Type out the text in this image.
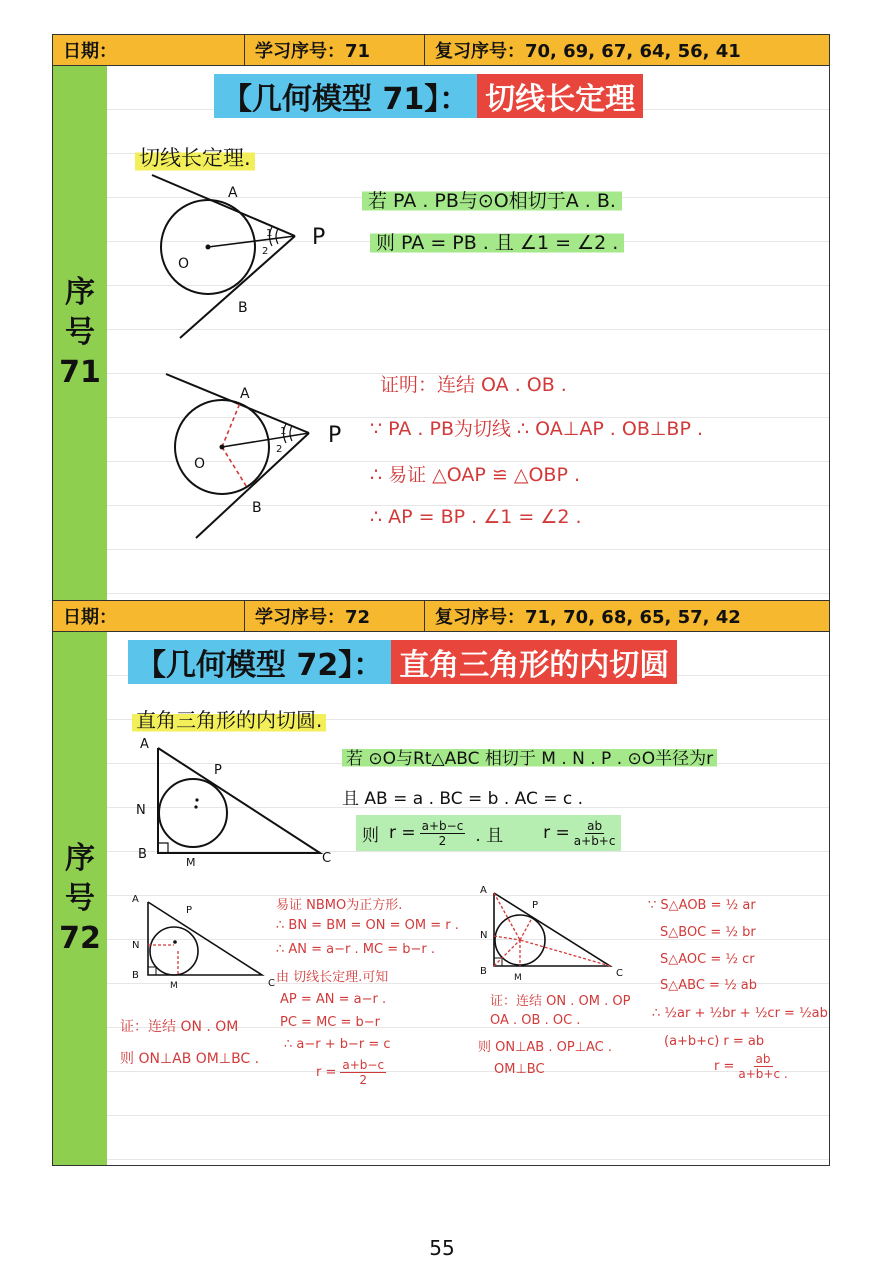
日期：	学习序号：71	复习序号：70, 69, 67, 64, 56, 41
序
号
71
【几何模型 71】： 切线长定理
切线长定理.
A
B
O
P
1
2
A
B
O
P
1
2
若 PA . PB与⊙O相切于A . B.
则 PA = PB . 且 ∠1 = ∠2 .
证明：连结 OA . OB .
∵ PA . PB为切线 ∴ OA⊥AP . OB⊥BP .
∴ 易证 △OAP ≌ △OBP .
∴ AP = BP . ∠1 = ∠2 .
日期：	学习序号：72	复习序号：71, 70, 68, 65, 57, 42
序
号
72
【几何模型 72】： 直角三角形的内切圆
直角三角形的内切圆.
A
B	C
P
N
M
A
B
C
P
N
M
A
B	C
P
N
M
若 ⊙O与Rt△ABC 相切于 M . N . P . ⊙O半径为r
且 AB = a . BC = b . AC = c .
则 $r = \frac{a+b-c}{2}$ . 且 $r = \frac{ab}{a+b+c}$
证：连结 ON . OM
则 ON⊥AB OM⊥BC .
易证 NBMO为正方形.
∴ BN = BM = ON = OM = r .
∴ AN = a−r . MC = b−r .
由 切线长定理.可知
AP = AN = a−r .
PC = MC = b−r
∴ a−r + b−r = c
$r = \frac{a+b-c}{2}$
证：连结 ON . OM . OP
OA . OB . OC .
则 ON⊥AB . OP⊥AC .
OM⊥BC
∵ S△AOB = ½ ar
S△BOC = ½ br
S△AOC = ½ cr
S△ABC = ½ ab
∴ ½ar + ½br + ½cr = ½ab
(a+b+c) r = ab
$r = \frac{ab}{a+b+c .}$
55
